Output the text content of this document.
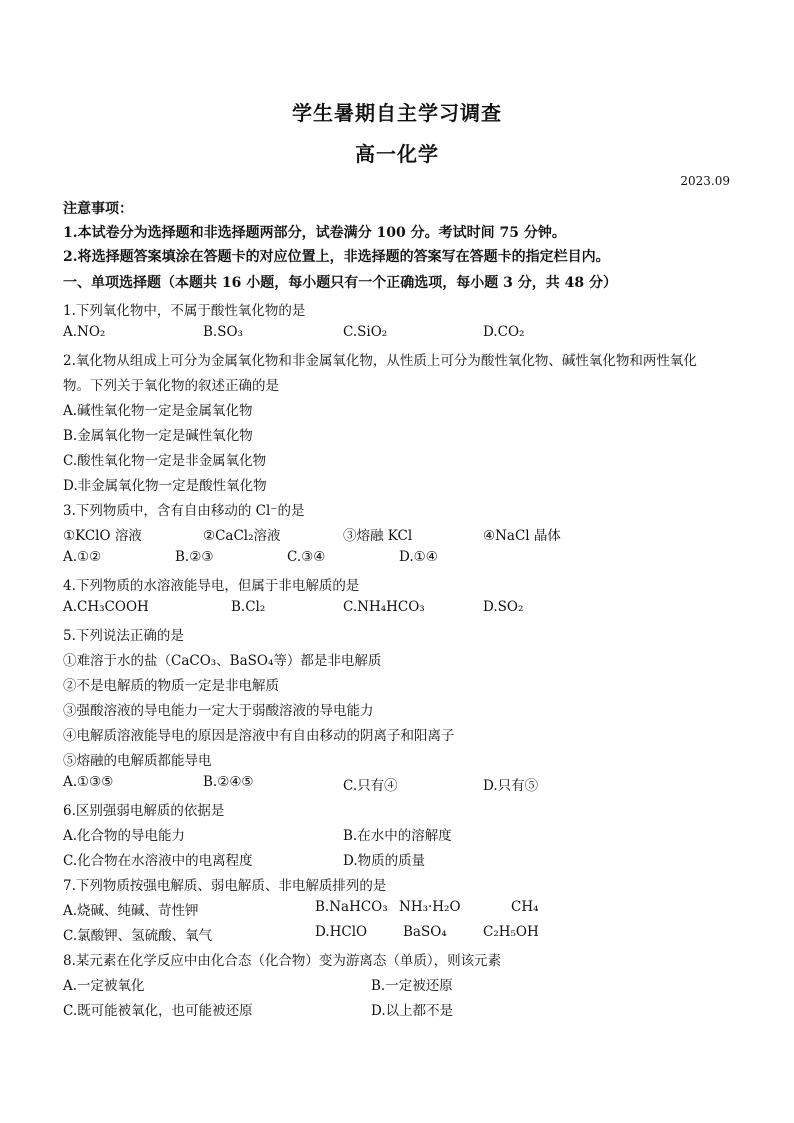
学生暑期自主学习调查
高一化学
2023.09
注意事项：
1.本试卷分为选择题和非选择题两部分，试卷满分 100 分。考试时间 75 分钟。
2.将选择题答案填涂在答题卡的对应位置上，非选择题的答案写在答题卡的指定栏目内。
一、单项选择题（本题共 16 小题，每小题只有一个正确选项，每小题 3 分，共 48 分）
1.下列氧化物中，不属于酸性氧化物的是
A.NO₂	B.SO₃	C.SiO₂	D.CO₂
2.氧化物从组成上可分为金属氧化物和非金属氧化物，从性质上可分为酸性氧化物、碱性氧化物和两性氧化
物。下列关于氧化物的叙述正确的是
A.碱性氧化物一定是金属氧化物
B.金属氧化物一定是碱性氧化物
C.酸性氧化物一定是非金属氧化物
D.非金属氧化物一定是酸性氧化物
3.下列物质中，含有自由移动的 Cl⁻的是
①KClO 溶液	②CaCl₂溶液	③熔融 KCl	④NaCl 晶体
A.①②	B.②③	C.③④	D.①④
4.下列物质的水溶液能导电，但属于非电解质的是
A.CH₃COOH	B.Cl₂	C.NH₄HCO₃	D.SO₂
5.下列说法正确的是
①难溶于水的盐（CaCO₃、BaSO₄等）都是非电解质
②不是电解质的物质一定是非电解质
③强酸溶液的导电能力一定大于弱酸溶液的导电能力
④电解质溶液能导电的原因是溶液中有自由移动的阴离子和阳离子
⑤熔融的电解质都能导电
A.①③⑤	B.②④⑤	C.只有④	D.只有⑤
6.区别强弱电解质的依据是
A.化合物的导电能力	B.在水中的溶解度
C.化合物在水溶液中的电离程度	D.物质的质量
7.下列物质按强电解质、弱电解质、非电解质排列的是
A.烧碱、纯碱、苛性钾	B.NaHCO₃ NH₃·H₂O	CH₄
C.氯酸钾、氢硫酸、氧气	D.HClO	BaSO₄	C₂H₅OH
8.某元素在化学反应中由化合态（化合物）变为游离态（单质），则该元素
A.一定被氧化	B.一定被还原
C.既可能被氧化，也可能被还原	D.以上都不是
